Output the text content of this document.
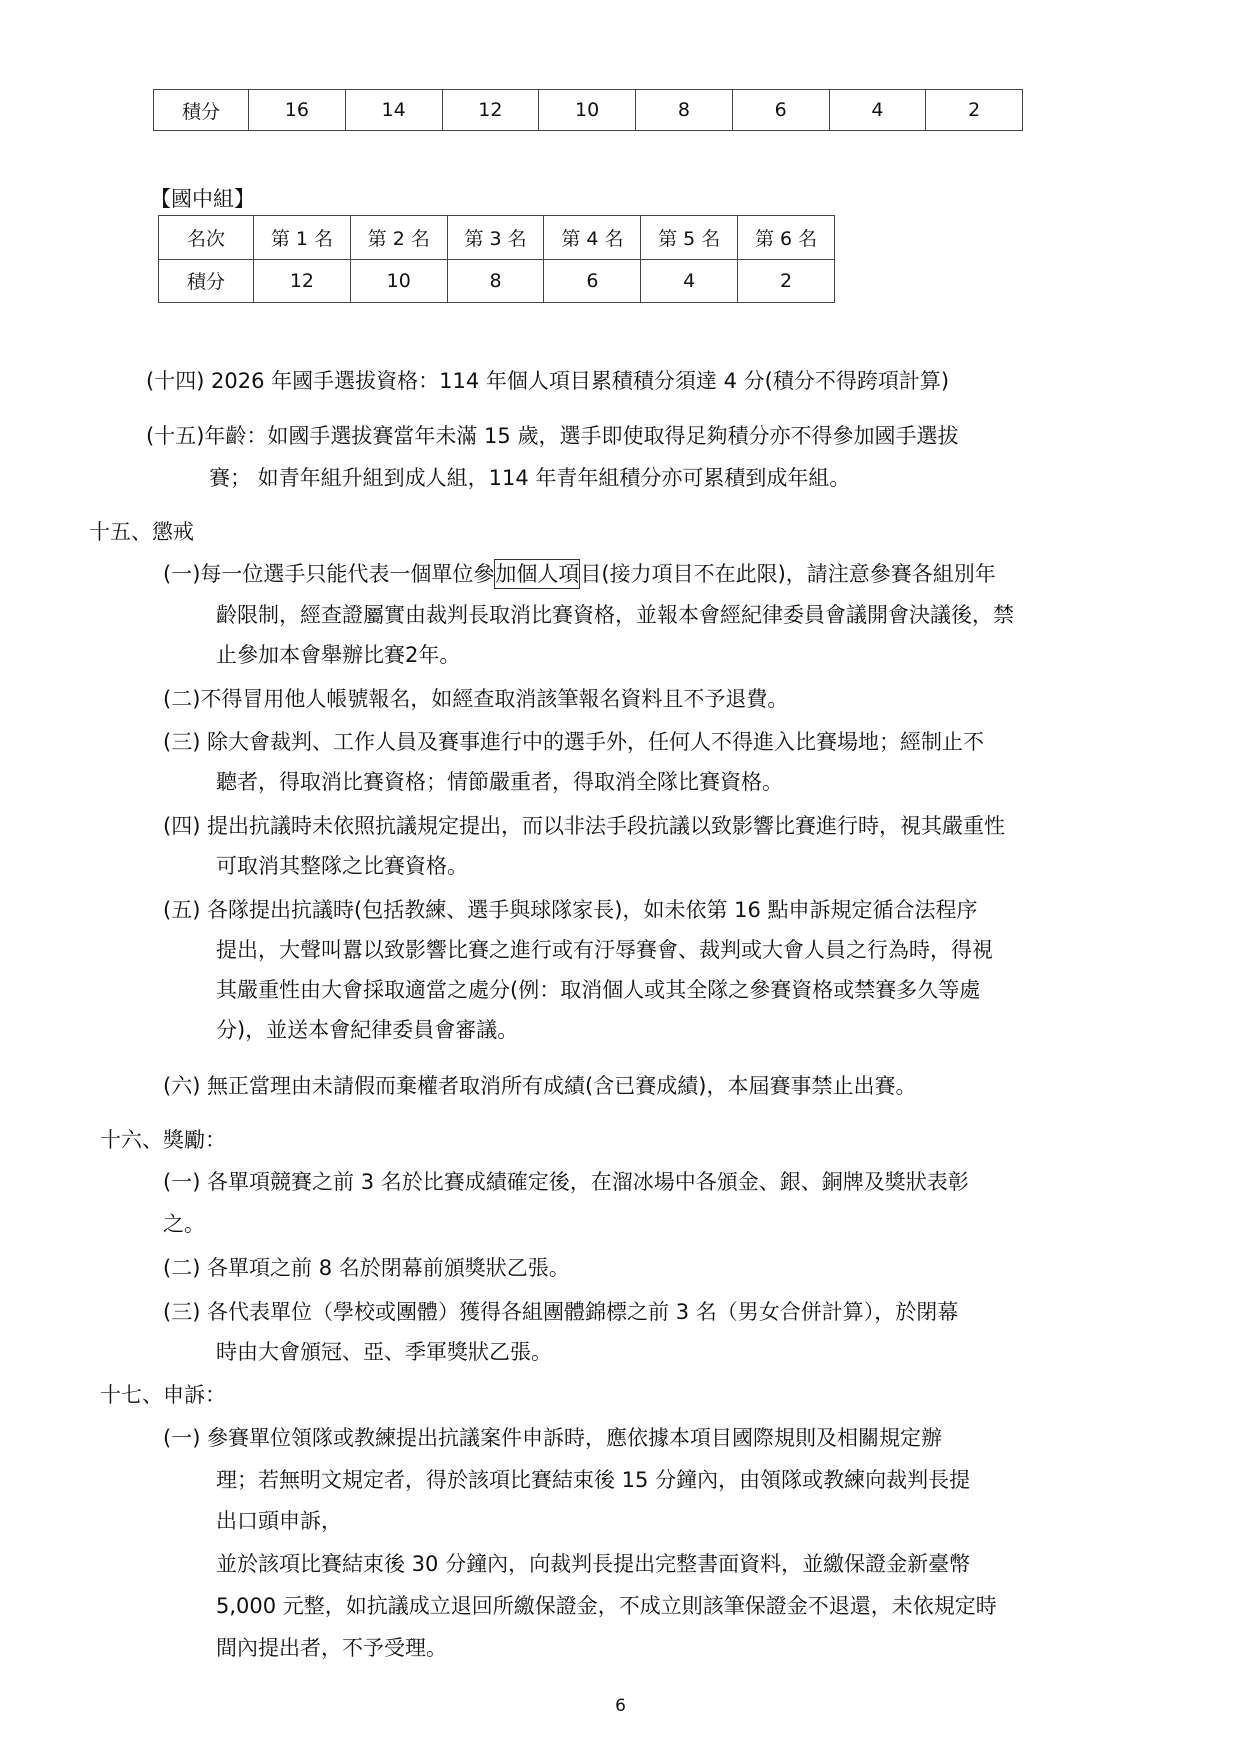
積分	16	14	12	10	8	6	4	2
【國中組】
名次	第 1 名	第 2 名	第 3 名	第 4 名	第 5 名	第 6 名
積分	12	10	8	6	4	2
(十四) 2026 年國手選拔資格：114 年個人項目累積積分須達 4 分(積分不得跨項計算)
(十五)年齡：如國手選拔賽當年未滿 15 歲，選手即使取得足夠積分亦不得參加國手選拔
賽； 如青年組升組到成人組，114 年青年組積分亦可累積到成年組。
十五、懲戒
(一)每一位選手只能代表一個單位參加個人項目(接力項目不在此限)，請注意參賽各組別年
齡限制，經查證屬實由裁判長取消比賽資格，並報本會經紀律委員會議開會決議後，禁
止參加本會舉辦比賽2年。
(二)不得冒用他人帳號報名，如經查取消該筆報名資料且不予退費。
(三) 除大會裁判、工作人員及賽事進行中的選手外，任何人不得進入比賽場地；經制止不
聽者，得取消比賽資格；情節嚴重者，得取消全隊比賽資格。
(四) 提出抗議時未依照抗議規定提出，而以非法手段抗議以致影響比賽進行時，視其嚴重性
可取消其整隊之比賽資格。
(五) 各隊提出抗議時(包括教練、選手與球隊家長)，如未依第 16 點申訴規定循合法程序
提出，大聲叫囂以致影響比賽之進行或有汙辱賽會、裁判或大會人員之行為時，得視
其嚴重性由大會採取適當之處分(例：取消個人或其全隊之參賽資格或禁賽多久等處
分)，並送本會紀律委員會審議。
(六) 無正當理由未請假而棄權者取消所有成績(含已賽成績)，本屆賽事禁止出賽。
十六、獎勵：
(一) 各單項競賽之前 3 名於比賽成績確定後，在溜冰場中各頒金、銀、銅牌及獎狀表彰
之。
(二) 各單項之前 8 名於閉幕前頒獎狀乙張。
(三) 各代表單位（學校或團體）獲得各組團體錦標之前 3 名（男女合併計算），於閉幕
時由大會頒冠、亞、季軍獎狀乙張。
十七、申訴：
(一) 參賽單位領隊或教練提出抗議案件申訴時，應依據本項目國際規則及相關規定辦
理；若無明文規定者，得於該項比賽結束後 15 分鐘內，由領隊或教練向裁判長提
出口頭申訴，
並於該項比賽結束後 30 分鐘內，向裁判長提出完整書面資料，並繳保證金新臺幣
5,000 元整，如抗議成立退回所繳保證金，不成立則該筆保證金不退還，未依規定時
間內提出者，不予受理。
6
